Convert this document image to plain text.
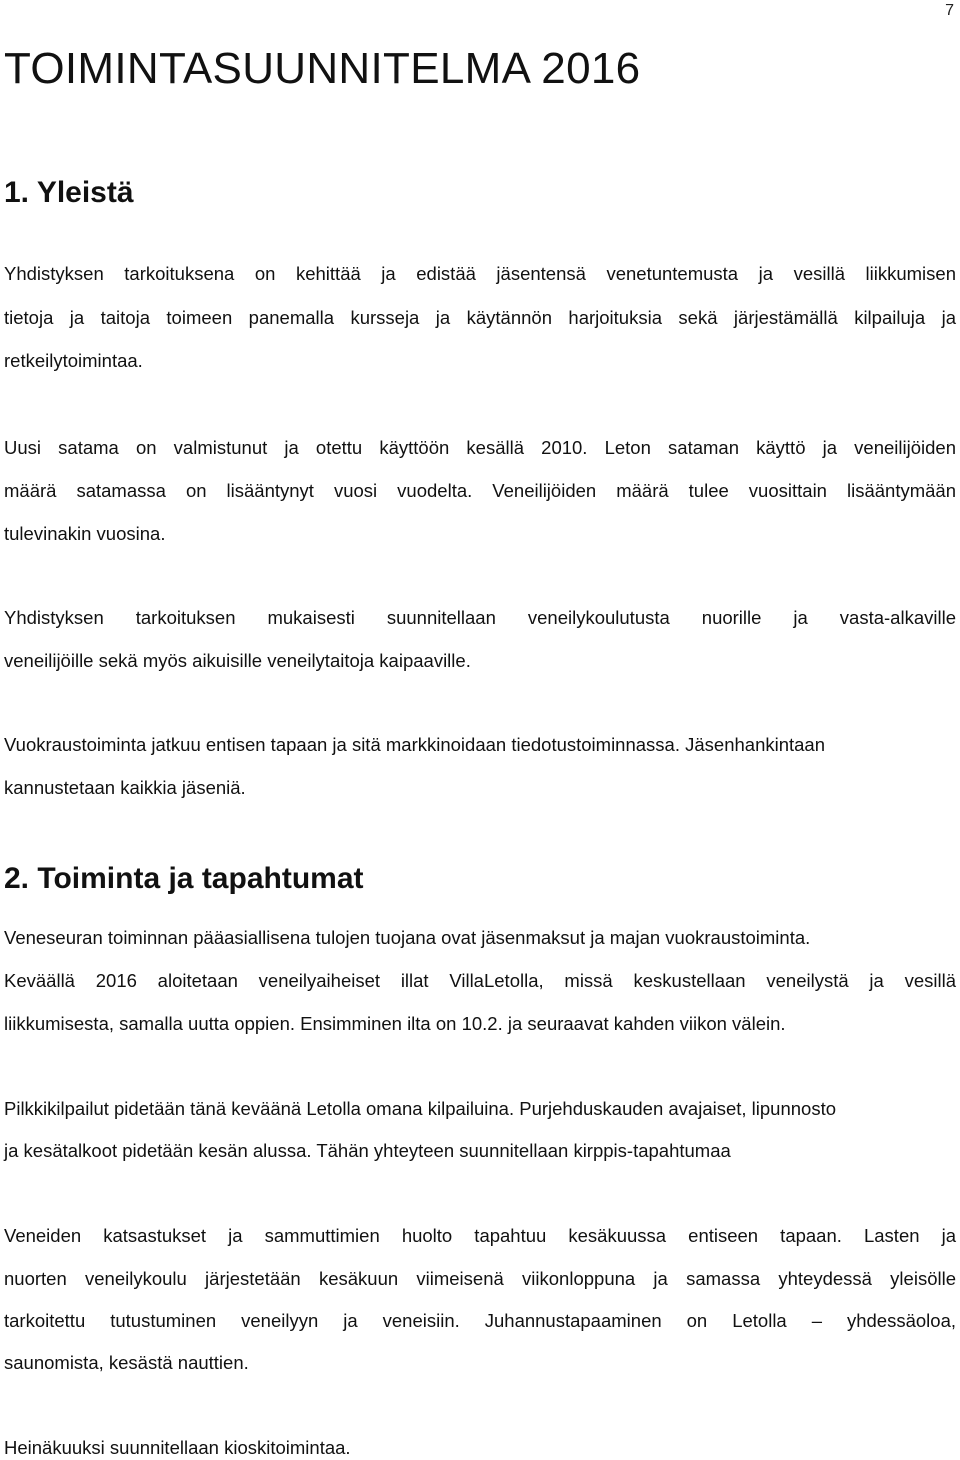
7
TOIMINTASUUNNITELMA 2016
1. Yleistä

Yhdistyksen tarkoituksena on kehittää ja edistää jäsentensä venetuntemusta ja vesillä liikkumisen

tietoja ja taitoja toimeen panemalla kursseja ja käytännön harjoituksia sekä järjestämällä kilpailuja ja

retkeilytoimintaa.

Uusi satama on valmistunut ja otettu käyttöön kesällä 2010. Leton sataman käyttö ja veneilijöiden

määrä satamassa on lisääntynyt vuosi vuodelta. Veneilijöiden määrä tulee vuosittain lisääntymään

tulevinakin vuosina.

Yhdistyksen tarkoituksen mukaisesti suunnitellaan veneilykoulutusta nuorille ja vasta-alkaville

veneilijöille sekä myös aikuisille veneilytaitoja kaipaaville.

Vuokraustoiminta jatkuu entisen tapaan ja sitä markkinoidaan tiedotustoiminnassa. Jäsenhankintaan

kannustetaan kaikkia jäseniä.

2. Toiminta ja tapahtumat

Veneseuran toiminnan pääasiallisena tulojen tuojana ovat jäsenmaksut ja majan vuokraustoiminta.

Keväällä 2016 aloitetaan veneilyaiheiset illat VillaLetolla, missä keskustellaan veneilystä ja vesillä

liikkumisesta, samalla uutta oppien. Ensimminen ilta on 10.2. ja seuraavat kahden viikon välein.

Pilkkikilpailut pidetään tänä keväänä Letolla omana kilpailuina. Purjehduskauden avajaiset, lipunnosto

ja kesätalkoot pidetään kesän alussa. Tähän yhteyteen suunnitellaan kirppis-tapahtumaa

Veneiden katsastukset ja sammuttimien huolto tapahtuu kesäkuussa entiseen tapaan. Lasten ja

nuorten veneilykoulu järjestetään kesäkuun viimeisenä viikonloppuna ja samassa yhteydessä yleisölle

tarkoitettu tutustuminen veneilyyn ja veneisiin. Juhannustapaaminen on Letolla – yhdessäoloa,

saunomista, kesästä nauttien.

Heinäkuuksi suunnitellaan kioskitoimintaa.
